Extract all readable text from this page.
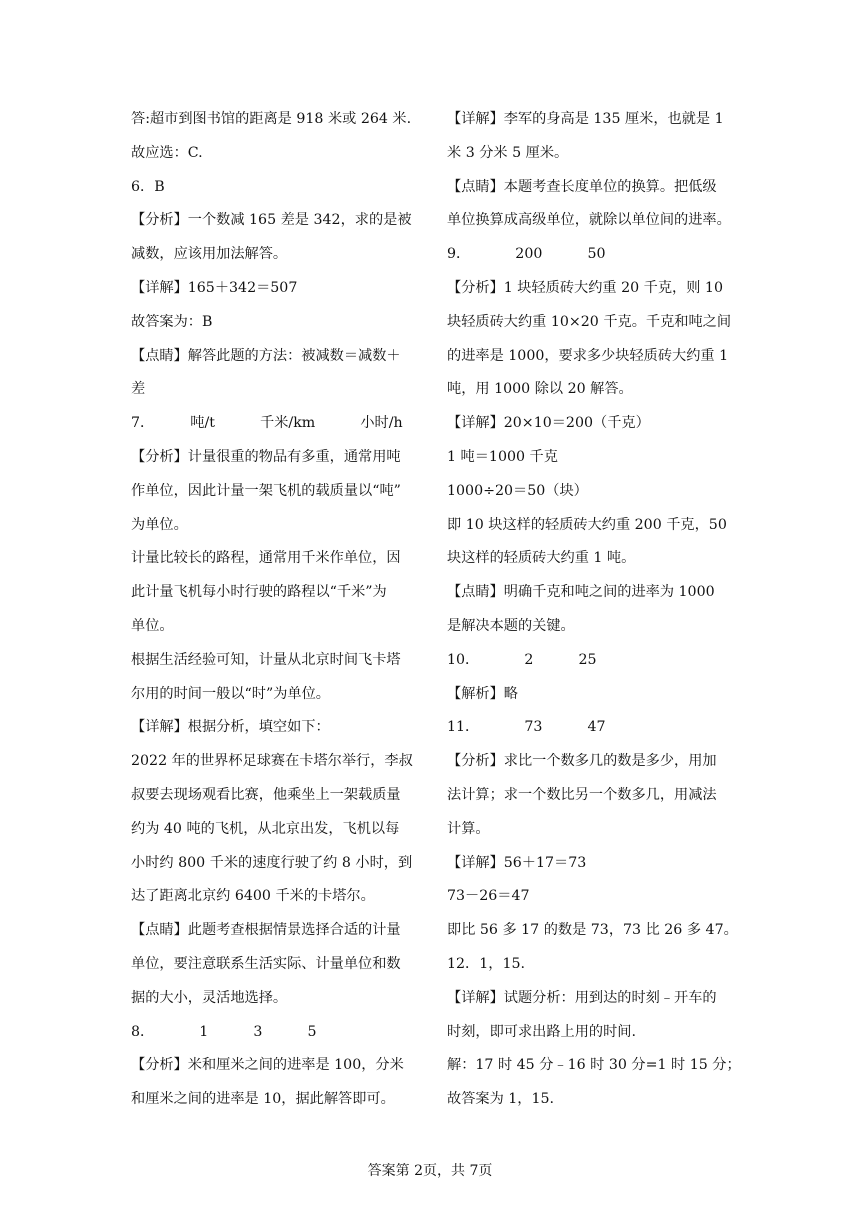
答:超市到图书馆的距离是 918 米或 264 米.
故应选：C.
6．B
【分析】一个数减 165 差是 342，求的是被
减数，应该用加法解答。
【详解】165＋342＝507
故答案为：B
【点睛】解答此题的方法：被减数＝减数＋
差
7．        吨/t          千米/km          小时/h
【分析】计量很重的物品有多重，通常用吨
作单位，因此计量一架飞机的载质量以“吨”
为单位。
计量比较长的路程，通常用千米作单位，因
此计量飞机每小时行驶的路程以“千米”为
单位。
根据生活经验可知，计量从北京时间飞卡塔
尔用的时间一般以“时”为单位。
【详解】根据分析，填空如下：
2022 年的世界杯足球赛在卡塔尔举行，李叔
叔要去现场观看比赛，他乘坐上一架载质量
约为 40 吨的飞机，从北京出发，飞机以每
小时约 800 千米的速度行驶了约 8 小时，到
达了距离北京约 6400 千米的卡塔尔。
【点睛】此题考查根据情景选择合适的计量
单位，要注意联系生活实际、计量单位和数
据的大小，灵活地选择。
8．          1          3          5
【分析】米和厘米之间的进率是 100，分米
和厘米之间的进率是 10，据此解答即可。
【详解】李军的身高是 135 厘米，也就是 1
米 3 分米 5 厘米。
【点睛】本题考查长度单位的换算。把低级
单位换算成高级单位，就除以单位间的进率。
9．          200          50
【分析】1 块轻质砖大约重 20 千克，则 10
块轻质砖大约重 10×20 千克。千克和吨之间
的进率是 1000，要求多少块轻质砖大约重 1
吨，用 1000 除以 20 解答。
【详解】20×10＝200（千克）
1 吨＝1000 千克
1000÷20＝50（块）
即 10 块这样的轻质砖大约重 200 千克，50
块这样的轻质砖大约重 1 吨。
【点睛】明确千克和吨之间的进率为 1000
是解决本题的关键。
10．          2          25
【解析】略
11．          73          47
【分析】求比一个数多几的数是多少，用加
法计算；求一个数比另一个数多几，用减法
计算。
【详解】56＋17＝73
73－26＝47
即比 56 多 17 的数是 73，73 比 26 多 47。
12．1，15.
【详解】试题分析：用到达的时刻﹣开车的
时刻，即可求出路上用的时间.
解：17 时 45 分﹣16 时 30 分=1 时 15 分；
故答案为 1，15.
答案第 2页，共 7页
